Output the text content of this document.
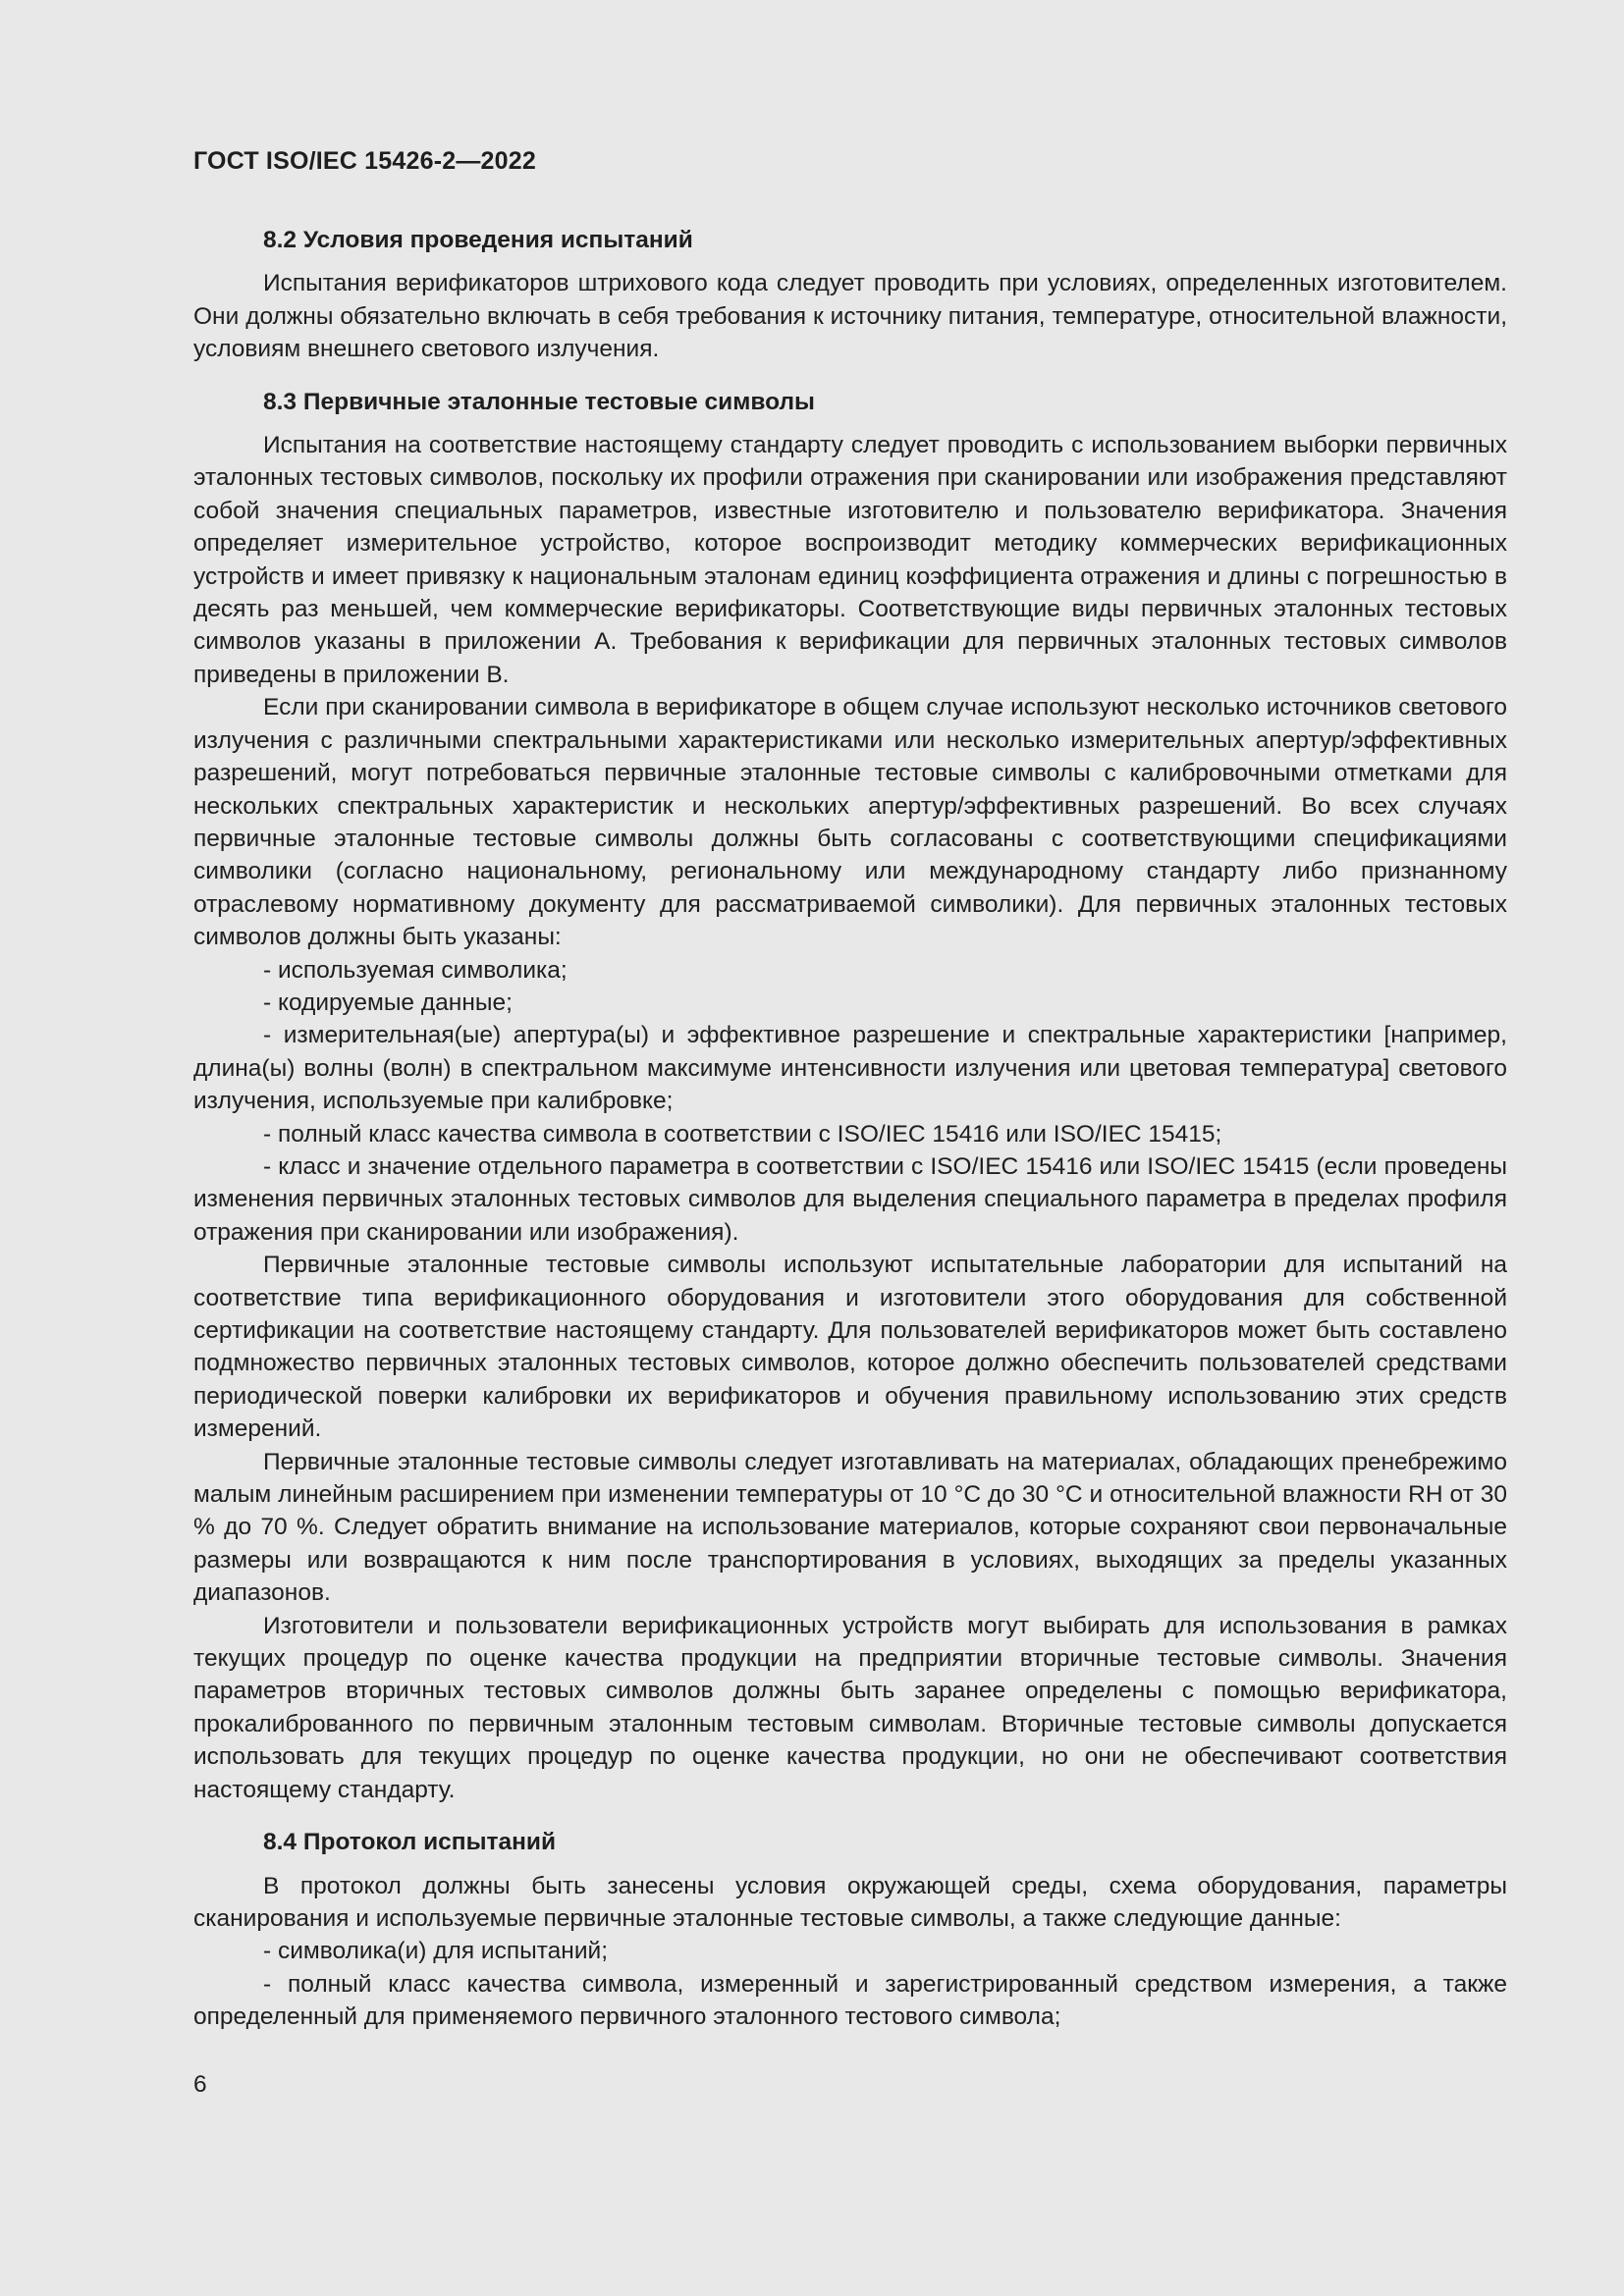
ГОСТ ISO/IEC 15426-2—2022
8.2 Условия проведения испытаний

Испытания верификаторов штрихового кода следует проводить при условиях, определенных изготовителем. Они должны обязательно включать в себя требования к источнику питания, температуре, относительной влажности, условиям внешнего светового излучения.

8.3 Первичные эталонные тестовые символы

Испытания на соответствие настоящему стандарту следует проводить с использованием выборки первичных эталонных тестовых символов, поскольку их профили отражения при сканировании или изображения представляют собой значения специальных параметров, известные изготовителю и пользователю верификатора. Значения определяет измерительное устройство, которое воспроизводит методику коммерческих верификационных устройств и имеет привязку к национальным эталонам единиц коэффициента отражения и длины с погрешностью в десять раз меньшей, чем коммерческие верификаторы. Соответствующие виды первичных эталонных тестовых символов указаны в приложении А. Требования к верификации для первичных эталонных тестовых символов приведены в приложении В.

Если при сканировании символа в верификаторе в общем случае используют несколько источников светового излучения с различными спектральными характеристиками или несколько измерительных апертур/эффективных разрешений, могут потребоваться первичные эталонные тестовые символы с калибровочными отметками для нескольких спектральных характеристик и нескольких апертур/эффективных разрешений. Во всех случаях первичные эталонные тестовые символы должны быть согласованы с соответствующими спецификациями символики (согласно национальному, региональному или международному стандарту либо признанному отраслевому нормативному документу для рассматриваемой символики). Для первичных эталонных тестовых символов должны быть указаны:

- используемая символика;

- кодируемые данные;

- измерительная(ые) апертура(ы) и эффективное разрешение и спектральные характеристики [например, длина(ы) волны (волн) в спектральном максимуме интенсивности излучения или цветовая температура] светового излучения, используемые при калибровке;

- полный класс качества символа в соответствии с ISO/IEC 15416 или ISO/IEC 15415;

- класс и значение отдельного параметра в соответствии с ISO/IEC 15416 или ISO/IEC 15415 (если проведены изменения первичных эталонных тестовых символов для выделения специального параметра в пределах профиля отражения при сканировании или изображения).

Первичные эталонные тестовые символы используют испытательные лаборатории для испытаний на соответствие типа верификационного оборудования и изготовители этого оборудования для собственной сертификации на соответствие настоящему стандарту. Для пользователей верификаторов может быть составлено подмножество первичных эталонных тестовых символов, которое должно обеспечить пользователей средствами периодической поверки калибровки их верификаторов и обучения правильному использованию этих средств измерений.

Первичные эталонные тестовые символы следует изготавливать на материалах, обладающих пренебрежимо малым линейным расширением при изменении температуры от 10 °С до 30 °С и относительной влажности RH от 30 % до 70 %. Следует обратить внимание на использование материалов, которые сохраняют свои первоначальные размеры или возвращаются к ним после транспортирования в условиях, выходящих за пределы указанных диапазонов.

Изготовители и пользователи верификационных устройств могут выбирать для использования в рамках текущих процедур по оценке качества продукции на предприятии вторичные тестовые символы. Значения параметров вторичных тестовых символов должны быть заранее определены с помощью верификатора, прокалиброванного по первичным эталонным тестовым символам. Вторичные тестовые символы допускается использовать для текущих процедур по оценке качества продукции, но они не обеспечивают соответствия настоящему стандарту.

8.4 Протокол испытаний

В протокол должны быть занесены условия окружающей среды, схема оборудования, параметры сканирования и используемые первичные эталонные тестовые символы, а также следующие данные:

- символика(и) для испытаний;

- полный класс качества символа, измеренный и зарегистрированный средством измерения, а также определенный для применяемого первичного эталонного тестового символа;

6
